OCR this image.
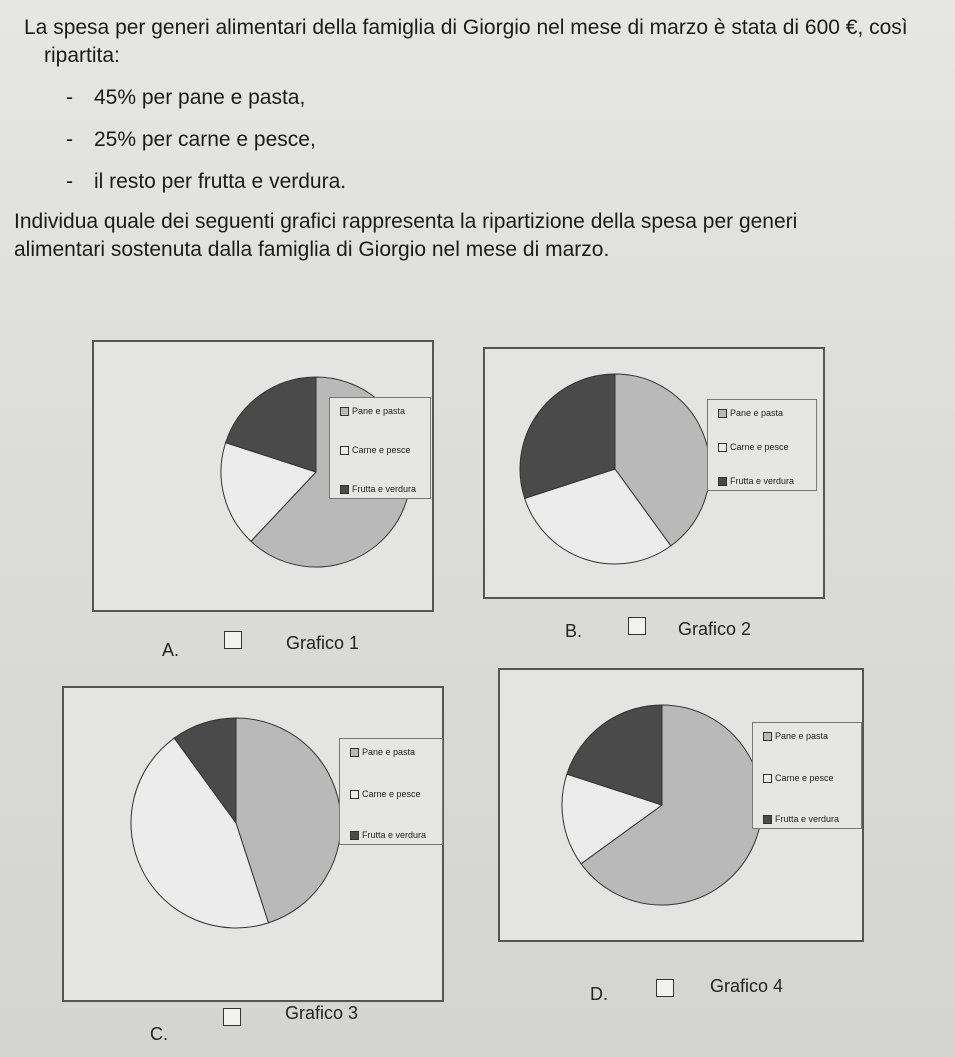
La spesa per generi alimentari della famiglia di Giorgio nel mese di marzo è stata di 600 €, così ripartita:

- 45% per pane e pasta,

- 25% per carne e pesce,

- il resto per frutta e verdura.

Individua quale dei seguenti grafici rappresenta la ripartizione della spesa per generi alimentari sostenuta dalla famiglia di Giorgio nel mese di marzo.

Pane e pasta
Carne e pesce
Frutta e verdura
Pane e pasta
Carne e pesce
Frutta e verdura
Pane e pasta
Carne e pesce
Frutta e verdura
Pane e pasta
Carne e pesce
Frutta e verdura
A.	Grafico 1
B.	Grafico 2
C.
Grafico 3
D.	Grafico 4
